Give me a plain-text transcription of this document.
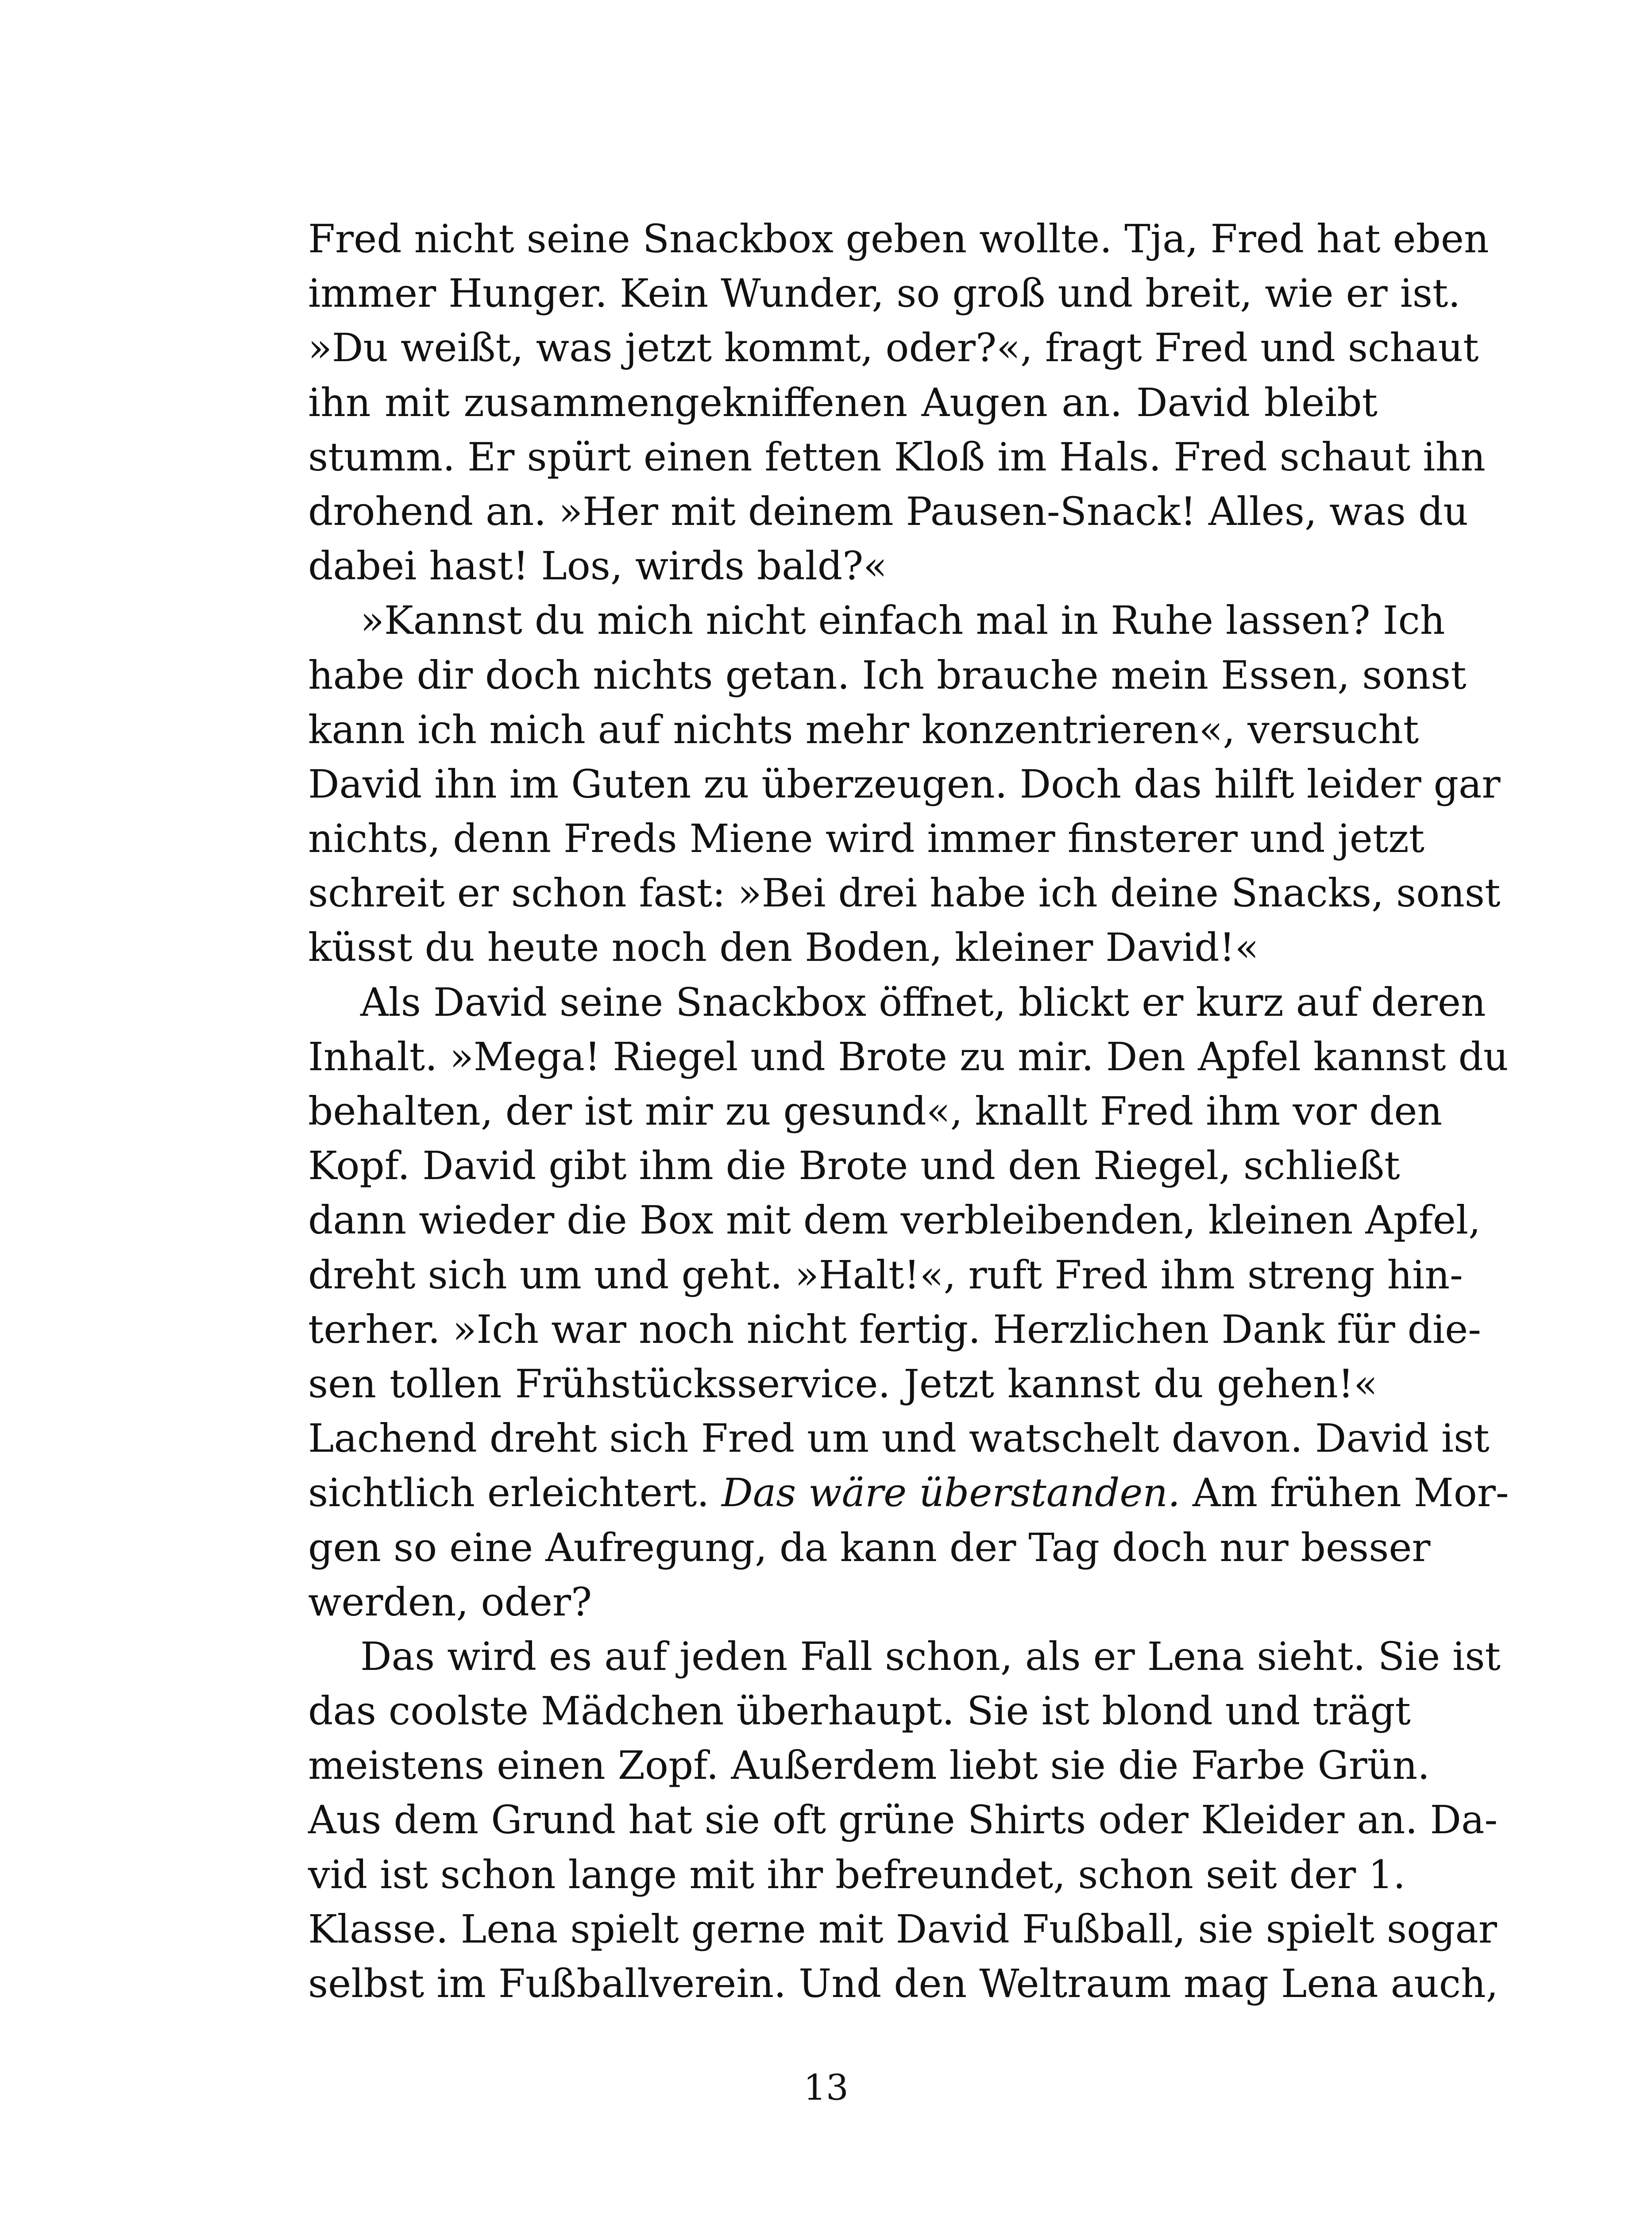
Fred nicht seine Snackbox geben wollte. Tja, Fred hat eben
immer Hunger. Kein Wunder, so groß und breit, wie er ist.
»Du weißt, was jetzt kommt, oder?«, fragt Fred und schaut
ihn mit zusammengekniffenen Augen an. David bleibt
stumm. Er spürt einen fetten Kloß im Hals. Fred schaut ihn
drohend an. »Her mit deinem Pausen-Snack! Alles, was du
dabei hast! Los, wirds bald?«
»Kannst du mich nicht einfach mal in Ruhe lassen? Ich
habe dir doch nichts getan. Ich brauche mein Essen, sonst
kann ich mich auf nichts mehr konzentrieren«, versucht
David ihn im Guten zu überzeugen. Doch das hilft leider gar
nichts, denn Freds Miene wird immer finsterer und jetzt
schreit er schon fast: »Bei drei habe ich deine Snacks, sonst
küsst du heute noch den Boden, kleiner David!«
Als David seine Snackbox öffnet, blickt er kurz auf deren
Inhalt. »Mega! Riegel und Brote zu mir. Den Apfel kannst du
behalten, der ist mir zu gesund«, knallt Fred ihm vor den
Kopf. David gibt ihm die Brote und den Riegel, schließt
dann wieder die Box mit dem verbleibenden, kleinen Apfel,
dreht sich um und geht. »Halt!«, ruft Fred ihm streng hin-
terher. »Ich war noch nicht fertig. Herzlichen Dank für die-
sen tollen Frühstücksservice. Jetzt kannst du gehen!«
Lachend dreht sich Fred um und watschelt davon. David ist
sichtlich erleichtert. Das wäre überstanden. Am frühen Mor-
gen so eine Aufregung, da kann der Tag doch nur besser
werden, oder?
Das wird es auf jeden Fall schon, als er Lena sieht. Sie ist
das coolste Mädchen überhaupt. Sie ist blond und trägt
meistens einen Zopf. Außerdem liebt sie die Farbe Grün.
Aus dem Grund hat sie oft grüne Shirts oder Kleider an. Da-
vid ist schon lange mit ihr befreundet, schon seit der 1.
Klasse. Lena spielt gerne mit David Fußball, sie spielt sogar
selbst im Fußballverein. Und den Weltraum mag Lena auch,
13
